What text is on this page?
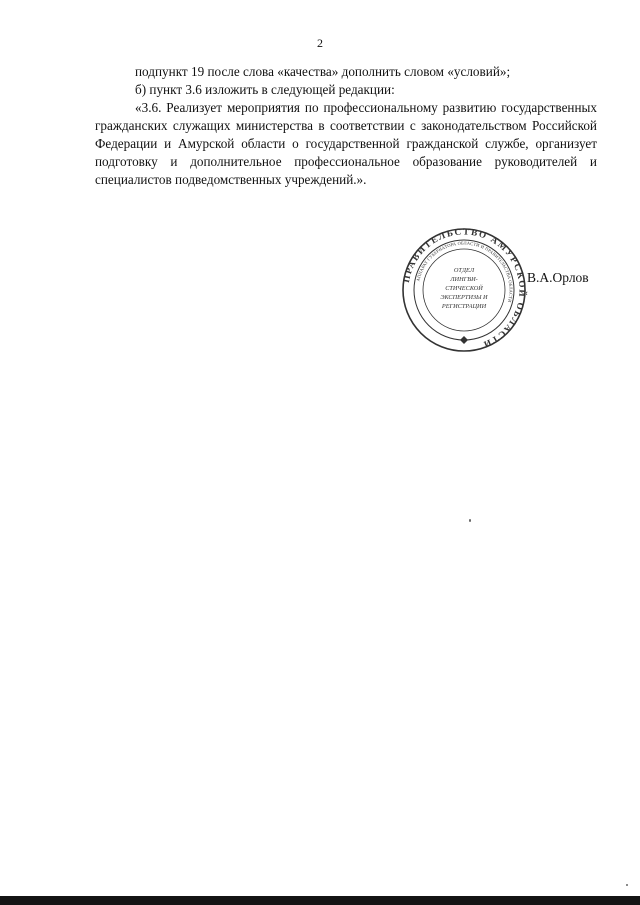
2

подпункт 19 после слова «качества» дополнить словом «условий»;

б) пункт 3.6 изложить в следующей редакции:

«3.6. Реализует мероприятия по профессиональному развитию государственных гражданских служащих министерства в соответствии с законодательством Российской Федерации и Амурской области о государственной гражданской службе, организует подготовку и дополнительное профессиональное образование руководителей и специалистов подведомственных учреждений.».

ПРАВИТЕЛЬСТВО АМУРСКОЙ ОБЛАСТИ
АППАРАТ ГУБЕРНАТОРА ОБЛАСТИ И ПРАВИТЕЛЬСТВА ОБЛАСТИ
ОТДЕЛ
ЛИНГВИ-
СТИЧЕСКОЙ
ЭКСПЕРТИЗЫ И
РЕГИСТРАЦИИ
В.А.Орлов
